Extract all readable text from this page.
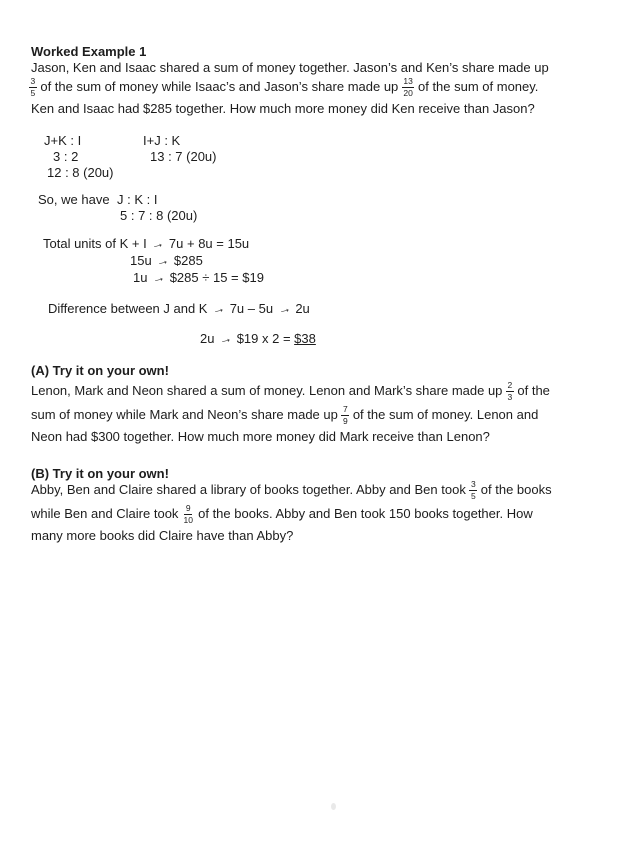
Worked Example 1
Jason, Ken and Isaac shared a sum of money together. Jason’s and Ken’s share made up
$\frac{3}{5}$ of the sum of money while Isaac’s and Jason’s share made up $\frac{13}{20}$ of the sum of money.
Ken and Isaac had $285 together. How much more money did Ken receive than Jason?
J+K : I
3 : 2
12 : 8 (20u)
I+J : K
13 : 7 (20u)
So, we have J : K : I
5 : 7 : 8 (20u)
Total units of K + I → 7u + 8u = 15u
15u → $285
1u → $285 ÷ 15 = $19
Difference between J and K → 7u – 5u → 2u
2u → $19 x 2 = $38
(A) Try it on your own!
Lenon, Mark and Neon shared a sum of money. Lenon and Mark’s share made up $\frac{2}{3}$ of the
sum of money while Mark and Neon’s share made up $\frac{7}{9}$ of the sum of money. Lenon and
Neon had $300 together. How much more money did Mark receive than Lenon?
(B) Try it on your own!
Abby, Ben and Claire shared a library of books together. Abby and Ben took $\frac{3}{5}$ of the books
while Ben and Claire took $\frac{9}{10}$ of the books. Abby and Ben took 150 books together. How
many more books did Claire have than Abby?
